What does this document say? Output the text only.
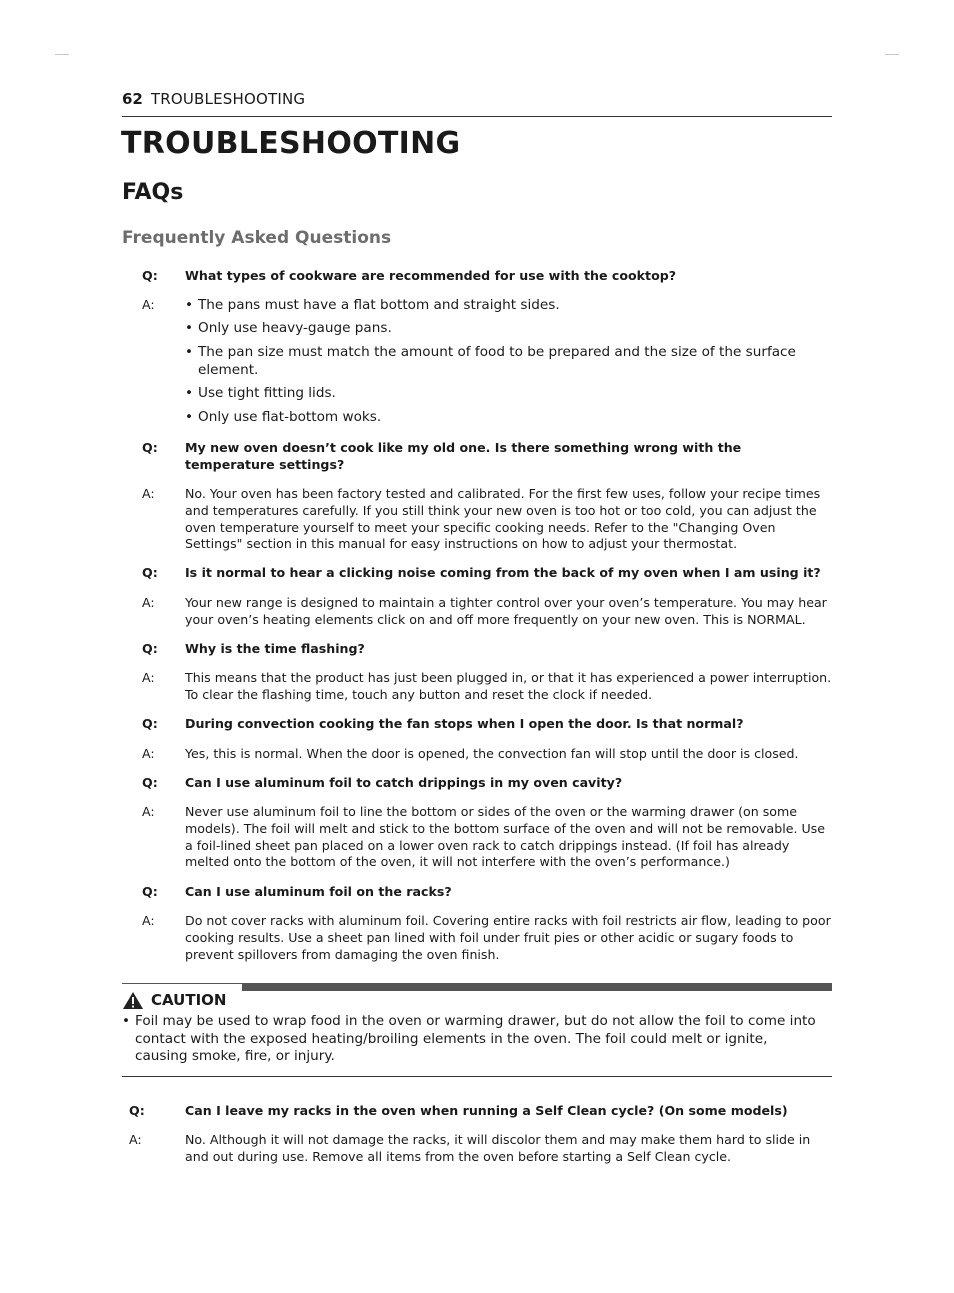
62 TROUBLESHOOTING
TROUBLESHOOTING
FAQs
Frequently Asked Questions
Q: What types of cookware are recommended for use with the cooktop?
A:
•	The pans must have a flat bottom and straight sides.
• Only use heavy-gauge pans.
• The pan size must match the amount of food to be prepared and the size of the surface element.
• Use tight fitting lids.
• Only use flat-bottom woks.
Q: My new oven doesn’t cook like my old one. Is there something wrong with the temperature settings?
A: No. Your oven has been factory tested and calibrated. For the first few uses, follow your recipe times and temperatures carefully. If you still think your new oven is too hot or too cold, you can adjust the oven temperature yourself to meet your specific cooking needs. Refer to the "Changing Oven Settings" section in this manual for easy instructions on how to adjust your thermostat.
Q: Is it normal to hear a clicking noise coming from the back of my oven when I am using it?
A: Your new range is designed to maintain a tighter control over your oven’s temperature. You may hear your oven’s heating elements click on and off more frequently on your new oven. This is NORMAL.
Q: Why is the time flashing?
A: This means that the product has just been plugged in, or that it has experienced a power interruption. To clear the flashing time, touch any button and reset the clock if needed.
Q: During convection cooking the fan stops when I open the door. Is that normal?
A: Yes, this is normal. When the door is opened, the convection fan will stop until the door is closed.
Q: Can I use aluminum foil to catch drippings in my oven cavity?
A: Never use aluminum foil to line the bottom or sides of the oven or the warming drawer (on some models). The foil will melt and stick to the bottom surface of the oven and will not be removable. Use a foil-lined sheet pan placed on a lower oven rack to catch drippings instead. (If foil has already melted onto the bottom of the oven, it will not interfere with the oven’s performance.)
Q: Can I use aluminum foil on the racks?
A: Do not cover racks with aluminum foil. Covering entire racks with foil restricts air flow, leading to poor cooking results. Use a sheet pan lined with foil under fruit pies or other acidic or sugary foods to prevent spillovers from damaging the oven finish.
CAUTION
• Foil may be used to wrap food in the oven or warming drawer, but do not allow the foil to come into contact with the exposed heating/broiling elements in the oven. The foil could melt or ignite, causing smoke, fire, or injury.
Q:	Can I leave my racks in the oven when running a Self Clean cycle? (On some models)
A:	No. Although it will not damage the racks, it will discolor them and may make them hard to slide in and out during use. Remove all items from the oven before starting a Self Clean cycle.
